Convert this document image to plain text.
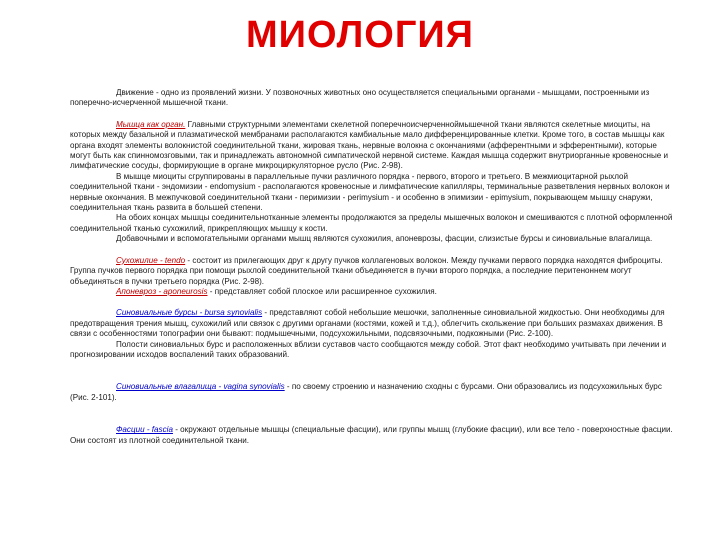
МИОЛОГИЯ

Движение - одно из проявлений жизни. У позвоночных животных оно осуществляется специальными органами - мышцами, построенными из поперечно-исчерченной мышечной ткани.

Мышца как орган. Главными структурными элементами скелетной поперечноисчерченноймышечной ткани являются скелетные миоциты, на которых между базальной и плазматической мембранами располагаются камбиальные мало дифференцированные клетки. Кроме того, в состав мышцы как органа входят элементы волокнистой соединительной ткани, жировая ткань, нервные волокна с окончаниями (афферентными и эфферентными), которые могут быть как спинномозговыми, так и принадлежать автономной симпатической нервной системе. Каждая мышца содержит внутриорганные кровеносные и лимфатические сосуды, формирующие в органе микроциркуляторное русло (Рис. 2-98).

В мышце миоциты сгруппированы в параллельные пучки различного порядка - первого, второго и третьего. В межмиоцитарной рыхлой соединительной ткани - эндомизии - endomysium - располагаются кровеносные и лимфатические капилляры, терминальные разветвления нервных волокон и нервные окончания. В межпучковой соединительной ткани - перимизии - perimysium - и особенно в эпимизии - epimysium, покрывающем мышцу снаружи, соединительная ткань развита в большей степени.

На обоих концах мышцы соединительнотканные элементы продолжаются за пределы мышечных волокон и смешиваются с плотной оформленной соединительной тканью сухожилий, прикрепляющих мышцу к кости.

Добавочными и вспомогательными органами мышц являются сухожилия, апоневрозы, фасции, слизистые бурсы и синовиальные влагалища.

Сухожилие - tendo - состоит из прилегающих друг к другу пучков коллагеновых волокон. Между пучками первого порядка находятся фиброциты. Группа пучков первого порядка при помощи рыхлой соединительной ткани объединяется в пучки второго порядка, а последние перитеноннем могут объединяться в пучки третьего порядка (Рис. 2-98).

Апоневроз - aponeurosis - представляет собой плоское или расширенное сухожилия.

Синовиальные бурсы - bursa synovialis - представляют собой небольшие мешочки, заполненные синовиальной жидкостью. Они необходимы для предотвращения трения мышц, сухожилий или связок с другими органами (костями, кожей и т.д.), облегчить скольжение при больших размахах движения. В связи с особенностями топографии они бывают: подмышечными, подсухожильными, подсвязочными, подкожными (Рис. 2-100).

Полости синовиальных бурс и расположенных вблизи суставов часто сообщаются между собой. Этот факт необходимо учитывать при лечении и прогнозировании исходов воспалений таких образований.

Синовиальные влагалища - vagina synovialis - по своему строению и назначению сходны с бурсами. Они образовались из подсухожильных бурс (Рис. 2-101).

Фасции - fascia - окружают отдельные мышцы (специальные фасции), или группы мышц (глубокие фасции), или все тело - поверхностные фасции. Они состоят из плотной соединительной ткани.
